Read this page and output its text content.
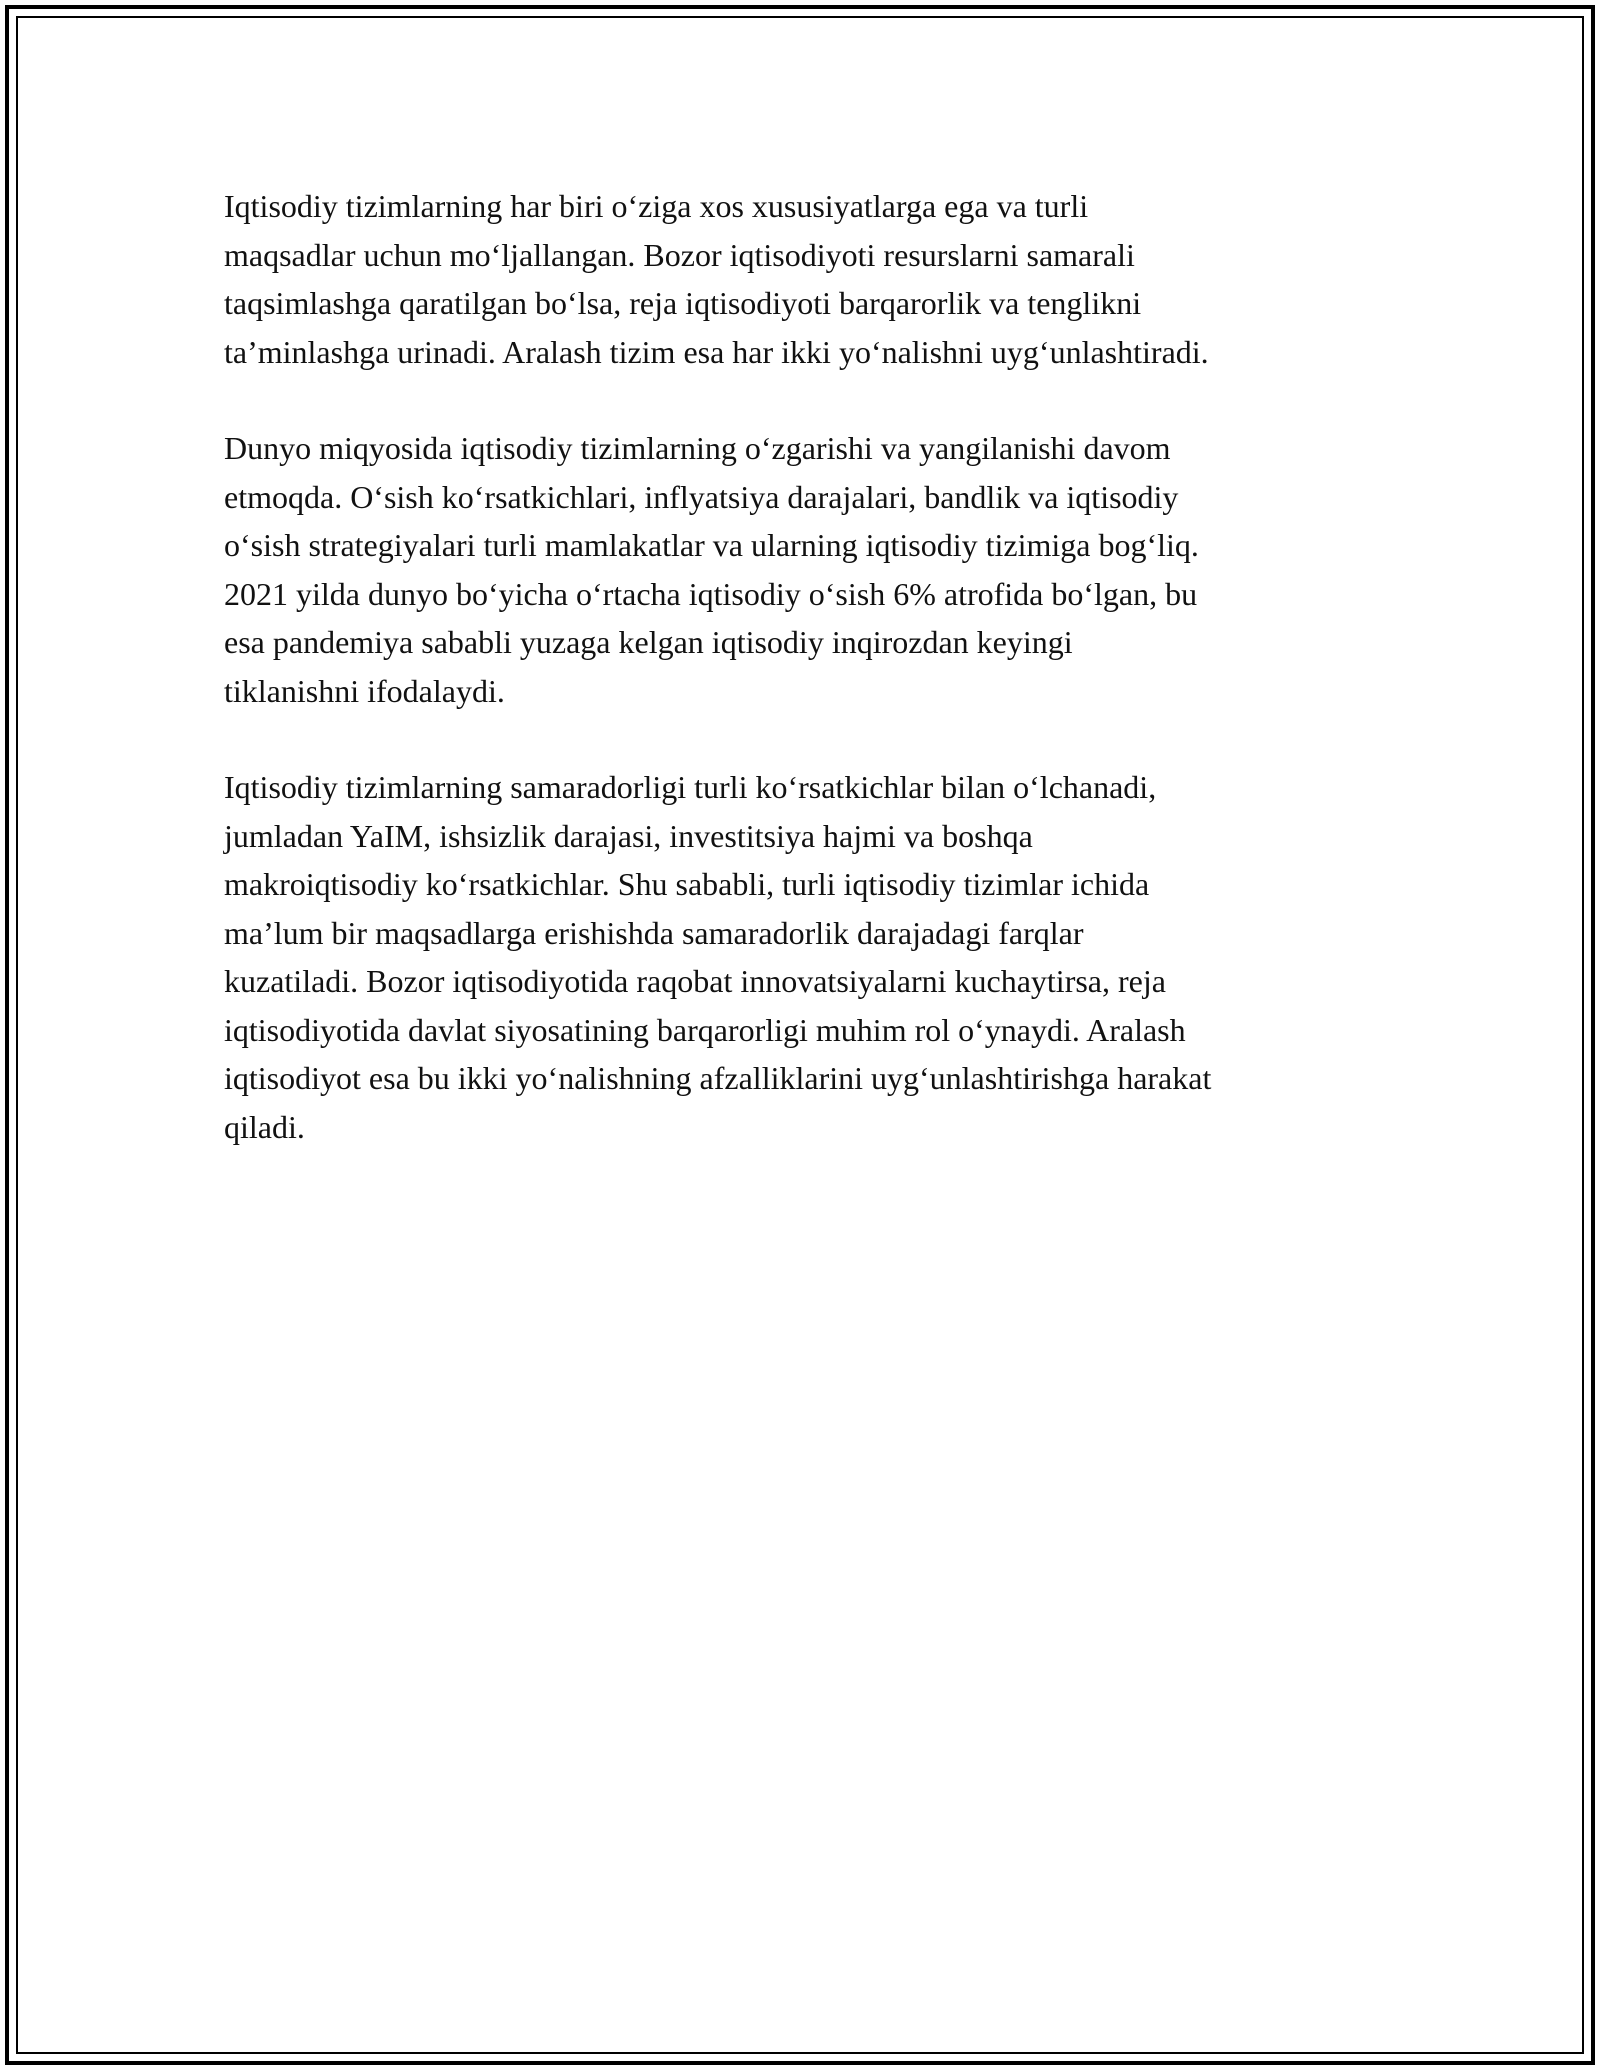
Iqtisodiy tizimlarning har biri o‘ziga xos xususiyatlarga ega va turli
maqsadlar uchun mo‘ljallangan. Bozor iqtisodiyoti resurslarni samarali
taqsimlashga qaratilgan bo‘lsa, reja iqtisodiyoti barqarorlik va tenglikni
ta’minlashga urinadi. Aralash tizim esa har ikki yo‘nalishni uyg‘unlashtiradi.

Dunyo miqyosida iqtisodiy tizimlarning o‘zgarishi va yangilanishi davom
etmoqda. O‘sish ko‘rsatkichlari, inflyatsiya darajalari, bandlik va iqtisodiy
o‘sish strategiyalari turli mamlakatlar va ularning iqtisodiy tizimiga bog‘liq.
2021 yilda dunyo bo‘yicha o‘rtacha iqtisodiy o‘sish 6% atrofida bo‘lgan, bu
esa pandemiya sababli yuzaga kelgan iqtisodiy inqirozdan keyingi
tiklanishni ifodalaydi.

Iqtisodiy tizimlarning samaradorligi turli ko‘rsatkichlar bilan o‘lchanadi,
jumladan YaIM, ishsizlik darajasi, investitsiya hajmi va boshqa
makroiqtisodiy ko‘rsatkichlar. Shu sababli, turli iqtisodiy tizimlar ichida
ma’lum bir maqsadlarga erishishda samaradorlik darajadagi farqlar
kuzatiladi. Bozor iqtisodiyotida raqobat innovatsiyalarni kuchaytirsa, reja
iqtisodiyotida davlat siyosatining barqarorligi muhim rol o‘ynaydi. Aralash
iqtisodiyot esa bu ikki yo‘nalishning afzalliklarini uyg‘unlashtirishga harakat
qiladi.
